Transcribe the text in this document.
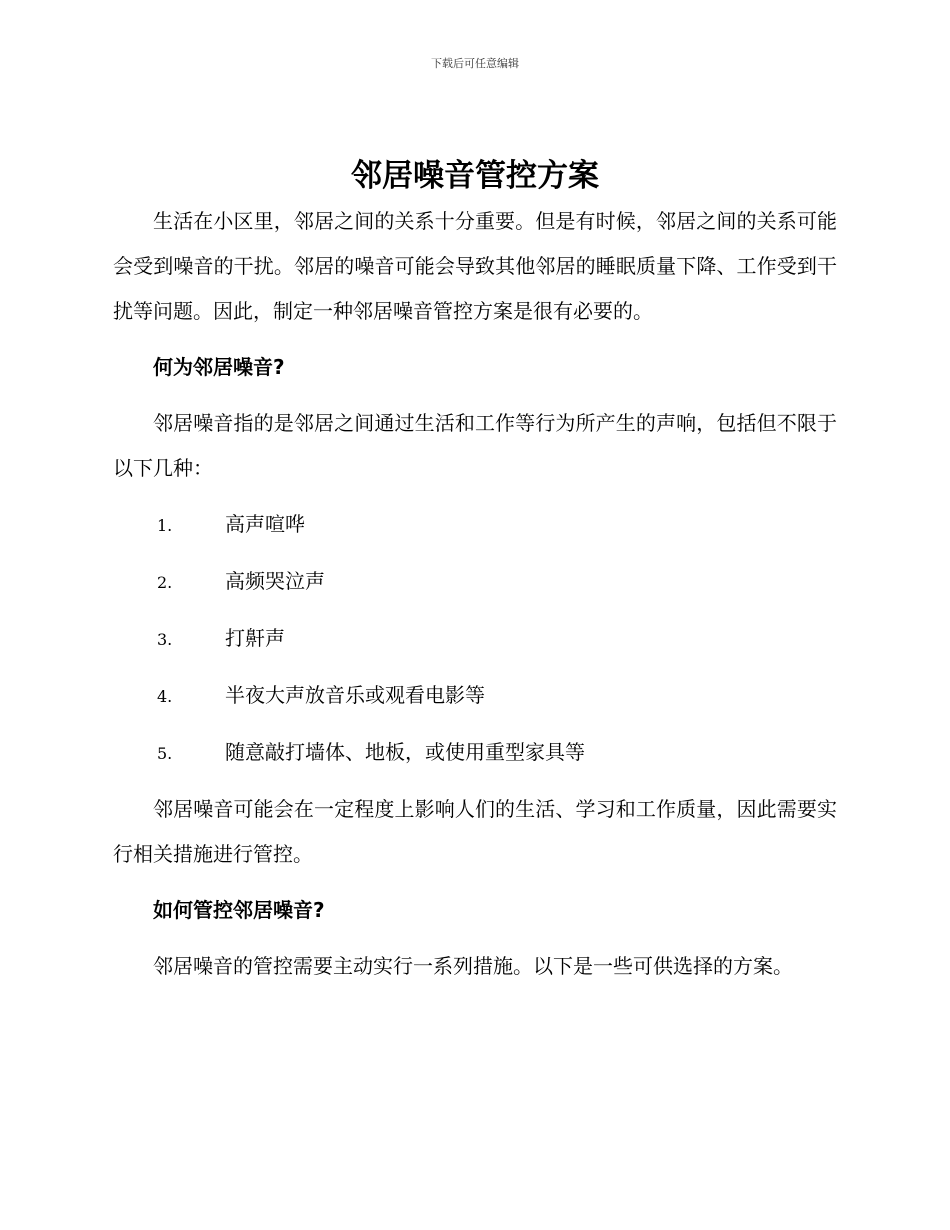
下载后可任意编辑
邻居噪音管控方案

生活在小区里，邻居之间的关系十分重要。但是有时候，邻居之间的关系可能会受到噪音的干扰。邻居的噪音可能会导致其他邻居的睡眠质量下降、工作受到干扰等问题。因此，制定一种邻居噪音管控方案是很有必要的。

何为邻居噪音?

邻居噪音指的是邻居之间通过生活和工作等行为所产生的声响，包括但不限于以下几种：

1.	高声喧哗
2.	高频哭泣声
3.	打鼾声
4.	半夜大声放音乐或观看电影等
5.	随意敲打墙体、地板，或使用重型家具等

邻居噪音可能会在一定程度上影响人们的生活、学习和工作质量，因此需要实行相关措施进行管控。

如何管控邻居噪音?

邻居噪音的管控需要主动实行一系列措施。以下是一些可供选择的方案。
